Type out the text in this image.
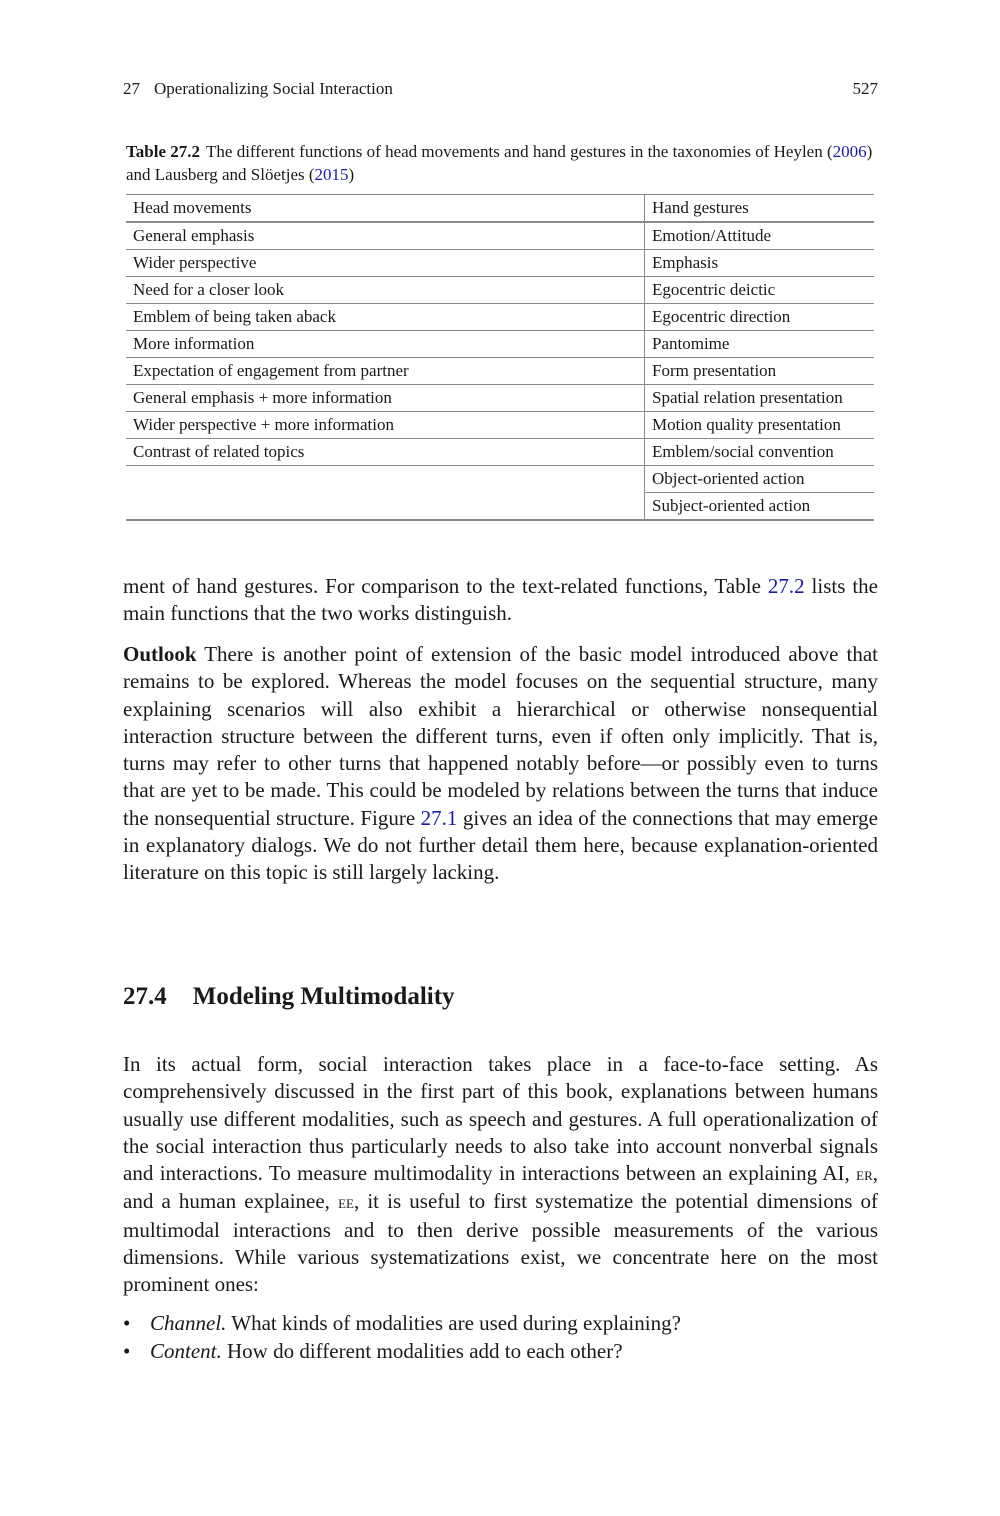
27 Operationalizing Social Interaction	527
Table 27.2 The different functions of head movements and hand gestures in the taxonomies of Heylen (2006) and Lausberg and Slöetjes (2015)
Head movements	Hand gestures
General emphasis	Emotion/Attitude
Wider perspective	Emphasis
Need for a closer look	Egocentric deictic
Emblem of being taken aback	Egocentric direction
More information	Pantomime
Expectation of engagement from partner	Form presentation
General emphasis + more information	Spatial relation presentation
Wider perspective + more information	Motion quality presentation
Contrast of related topics	Emblem/social convention
	Object-oriented action
	Subject-oriented action

ment of hand gestures. For comparison to the text-related functions, Table 27.2 lists the main functions that the two works distinguish.

Outlook There is another point of extension of the basic model introduced above that remains to be explored. Whereas the model focuses on the sequential structure, many explaining scenarios will also exhibit a hierarchical or otherwise nonsequential interaction structure between the different turns, even if often only implicitly. That is, turns may refer to other turns that happened notably before—or possibly even to turns that are yet to be made. This could be modeled by relations between the turns that induce the nonsequential structure. Figure 27.1 gives an idea of the connections that may emerge in explanatory dialogs. We do not further detail them here, because explanation-oriented literature on this topic is still largely lacking.

27.4 Modeling Multimodality

In its actual form, social interaction takes place in a face-to-face setting. As comprehensively discussed in the first part of this book, explanations between humans usually use different modalities, such as speech and gestures. A full operationalization of the social interaction thus particularly needs to also take into account nonverbal signals and interactions. To measure multimodality in interactions between an explaining AI, er, and a human explainee, ee, it is useful to first systematize the potential dimensions of multimodal interactions and to then derive possible measurements of the various dimensions. While various systematizations exist, we concentrate here on the most prominent ones:

• Channel. What kinds of modalities are used during explaining?
• Content. How do different modalities add to each other?
